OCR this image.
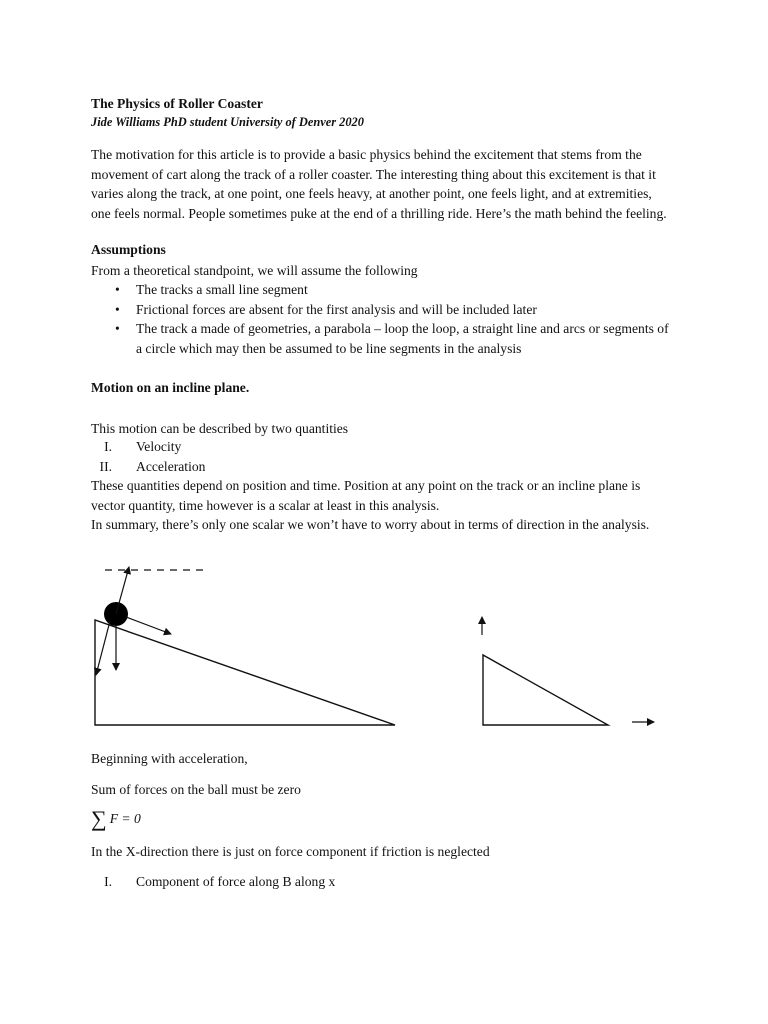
The Physics of Roller Coaster
Jide Williams PhD student University of Denver 2020
The motivation for this article is to provide a basic physics behind the excitement that stems from the movement of cart along the track of a roller coaster. The interesting thing about this excitement is that it varies along the track, at one point, one feels heavy, at another point, one feels light, and at extremities, one feels normal. People sometimes puke at the end of a thrilling ride. Here’s the math behind the feeling.
Assumptions
From a theoretical standpoint, we will assume the following
• The tracks a small line segment
• Frictional forces are absent for the first analysis and will be included later
• The track a made of geometries, a parabola – loop the loop, a straight line and arcs or segments of a circle which may then be assumed to be line segments in the analysis
Motion on an incline plane.
This motion can be described by two quantities
I. Velocity
II. Acceleration
These quantities depend on position and time. Position at any point on the track or an incline plane is vector quantity, time however is a scalar at least in this analysis.
In summary, there’s only one scalar we won’t have to worry about in terms of direction in the analysis.
Beginning with acceleration,
Sum of forces on the ball must be zero
∑ F = 0
In the X-direction there is just on force component if friction is neglected
I. Component of force along B along x
